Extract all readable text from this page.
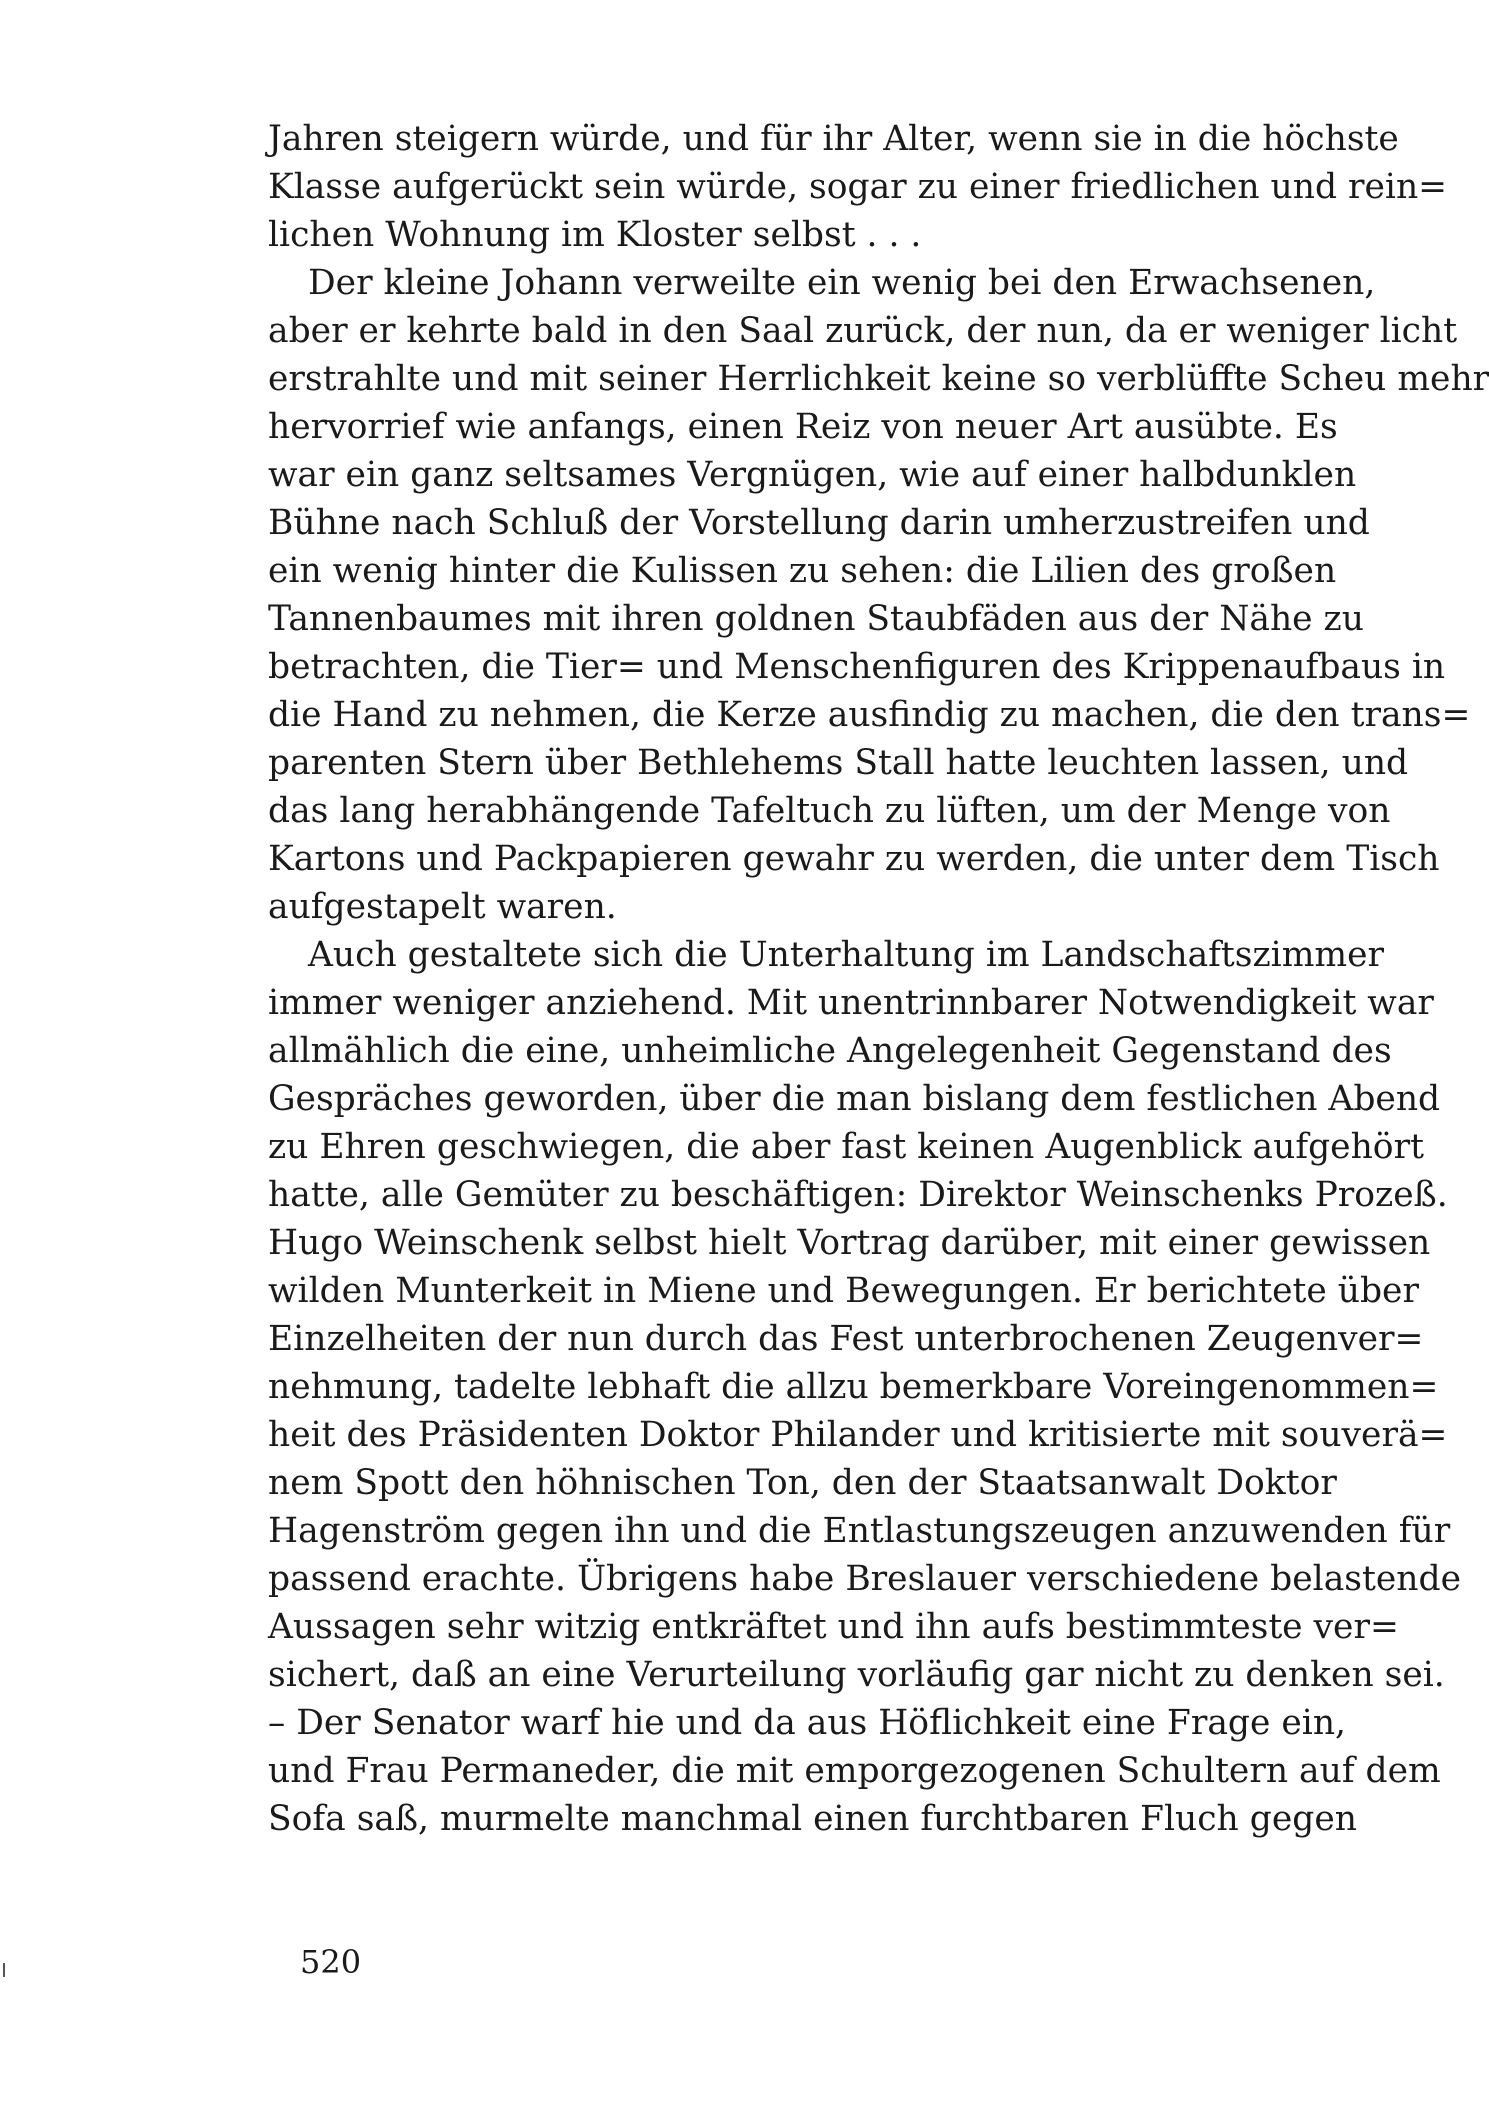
Jahren steigern würde, und für ihr Alter, wenn sie in die höchste
Klasse aufgerückt sein würde, sogar zu einer friedlichen und rein=
lichen Wohnung im Kloster selbst . . .
Der kleine Johann verweilte ein wenig bei den Erwachsenen,
aber er kehrte bald in den Saal zurück, der nun, da er weniger licht
erstrahlte und mit seiner Herrlichkeit keine so verblüffte Scheu mehr
hervorrief wie anfangs, einen Reiz von neuer Art ausübte. Es
war ein ganz seltsames Vergnügen, wie auf einer halbdunklen
Bühne nach Schluß der Vorstellung darin umherzustreifen und
ein wenig hinter die Kulissen zu sehen: die Lilien des großen
Tannenbaumes mit ihren goldnen Staubfäden aus der Nähe zu
betrachten, die Tier= und Menschenfiguren des Krippenaufbaus in
die Hand zu nehmen, die Kerze ausfindig zu machen, die den trans=
parenten Stern über Bethlehems Stall hatte leuchten lassen, und
das lang herabhängende Tafeltuch zu lüften, um der Menge von
Kartons und Packpapieren gewahr zu werden, die unter dem Tisch
aufgestapelt waren.
Auch gestaltete sich die Unterhaltung im Landschaftszimmer
immer weniger anziehend. Mit unentrinnbarer Notwendigkeit war
allmählich die eine, unheimliche Angelegenheit Gegenstand des
Gespräches geworden, über die man bislang dem festlichen Abend
zu Ehren geschwiegen, die aber fast keinen Augenblick aufgehört
hatte, alle Gemüter zu beschäftigen: Direktor Weinschenks Prozeß.
Hugo Weinschenk selbst hielt Vortrag darüber, mit einer gewissen
wilden Munterkeit in Miene und Bewegungen. Er berichtete über
Einzelheiten der nun durch das Fest unterbrochenen Zeugenver=
nehmung, tadelte lebhaft die allzu bemerkbare Voreingenommen=
heit des Präsidenten Doktor Philander und kritisierte mit souverä=
nem Spott den höhnischen Ton, den der Staatsanwalt Doktor
Hagenström gegen ihn und die Entlastungszeugen anzuwenden für
passend erachte. Übrigens habe Breslauer verschiedene belastende
Aussagen sehr witzig entkräftet und ihn aufs bestimmteste ver=
sichert, daß an eine Verurteilung vorläufig gar nicht zu denken sei.
– Der Senator warf hie und da aus Höflichkeit eine Frage ein,
und Frau Permaneder, die mit emporgezogenen Schultern auf dem
Sofa saß, murmelte manchmal einen furchtbaren Fluch gegen
520
